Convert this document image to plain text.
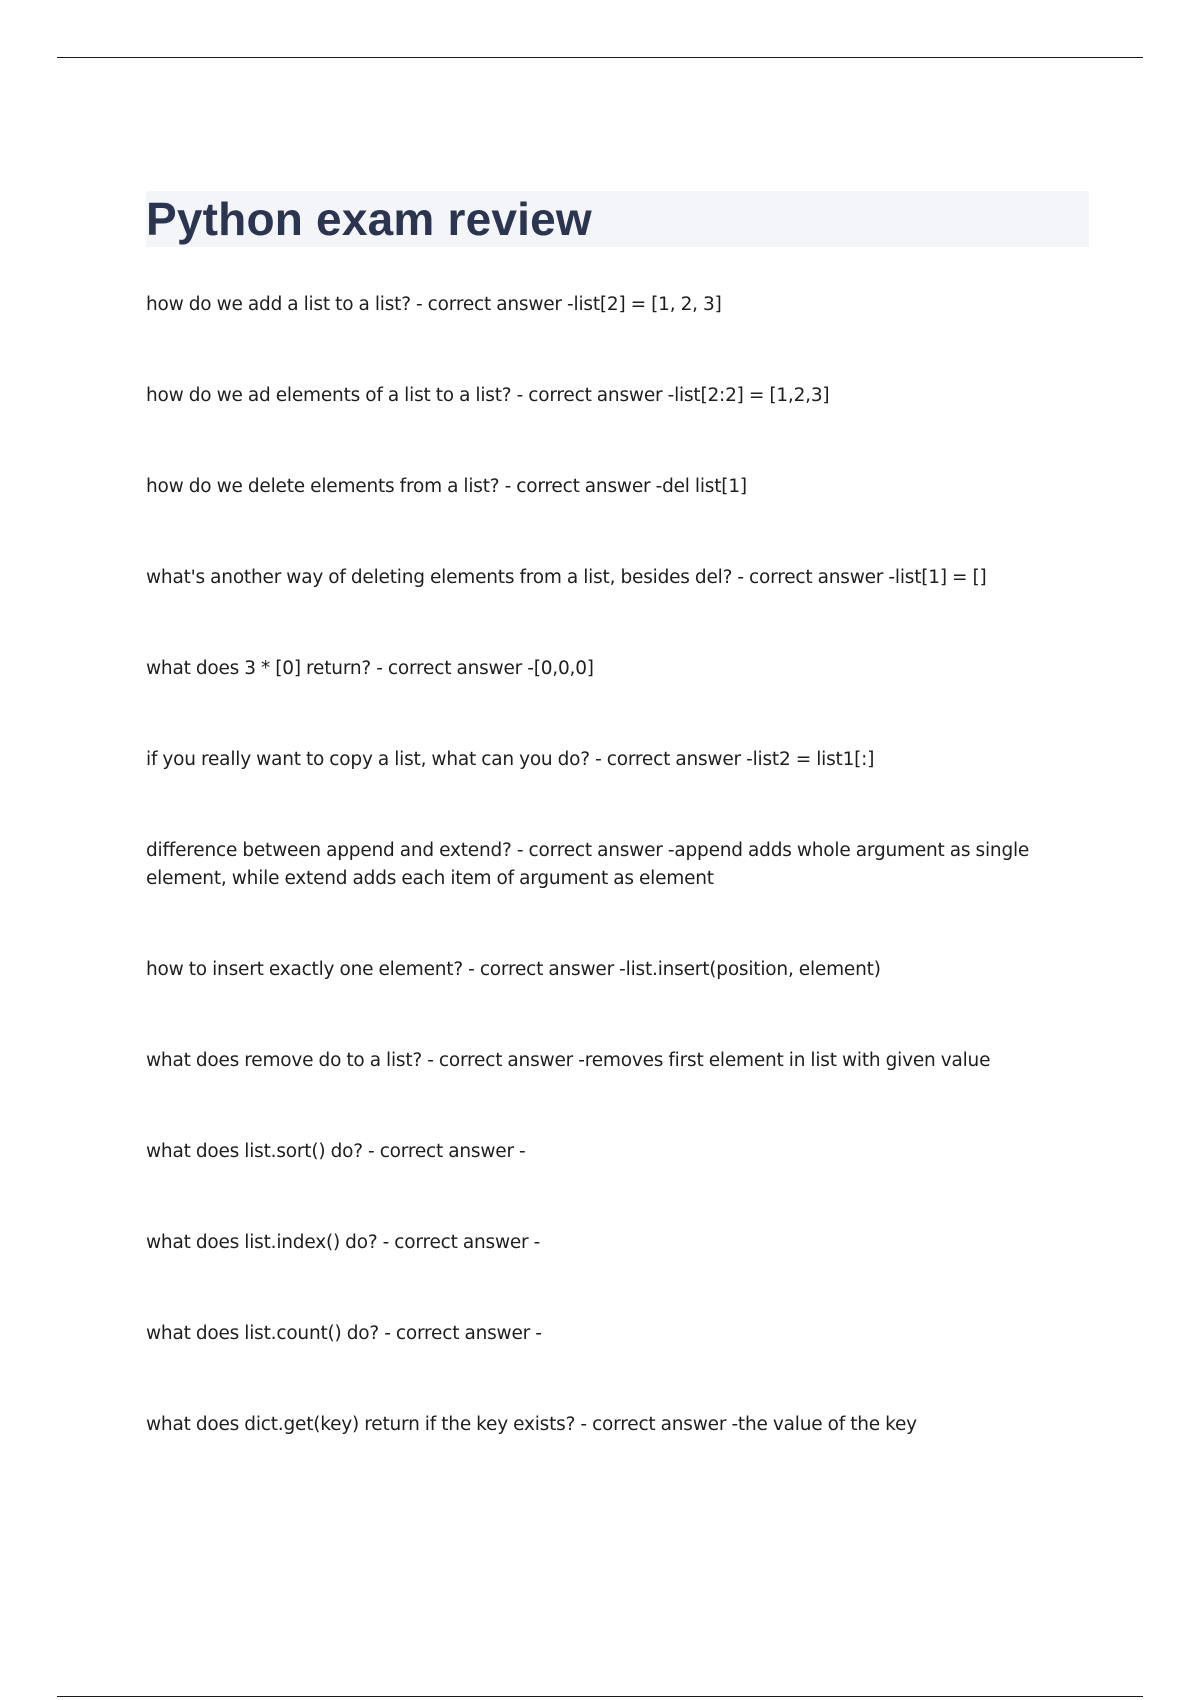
Python exam review
how do we add a list to a list? - correct answer -list[2] = [1, 2, 3]
how do we ad elements of a list to a list? - correct answer -list[2:2] = [1,2,3]
how do we delete elements from a list? - correct answer -del list[1]
what's another way of deleting elements from a list, besides del? - correct answer -list[1] = []
what does 3 * [0] return? - correct answer -[0,0,0]
if you really want to copy a list, what can you do? - correct answer -list2 = list1[:]
difference between append and extend? - correct answer -append adds whole argument as single element, while extend adds each item of argument as element
how to insert exactly one element? - correct answer -list.insert(position, element)
what does remove do to a list? - correct answer -removes first element in list with given value
what does list.sort() do? - correct answer -
what does list.index() do? - correct answer -
what does list.count() do? - correct answer -
what does dict.get(key) return if the key exists? - correct answer -the value of the key
